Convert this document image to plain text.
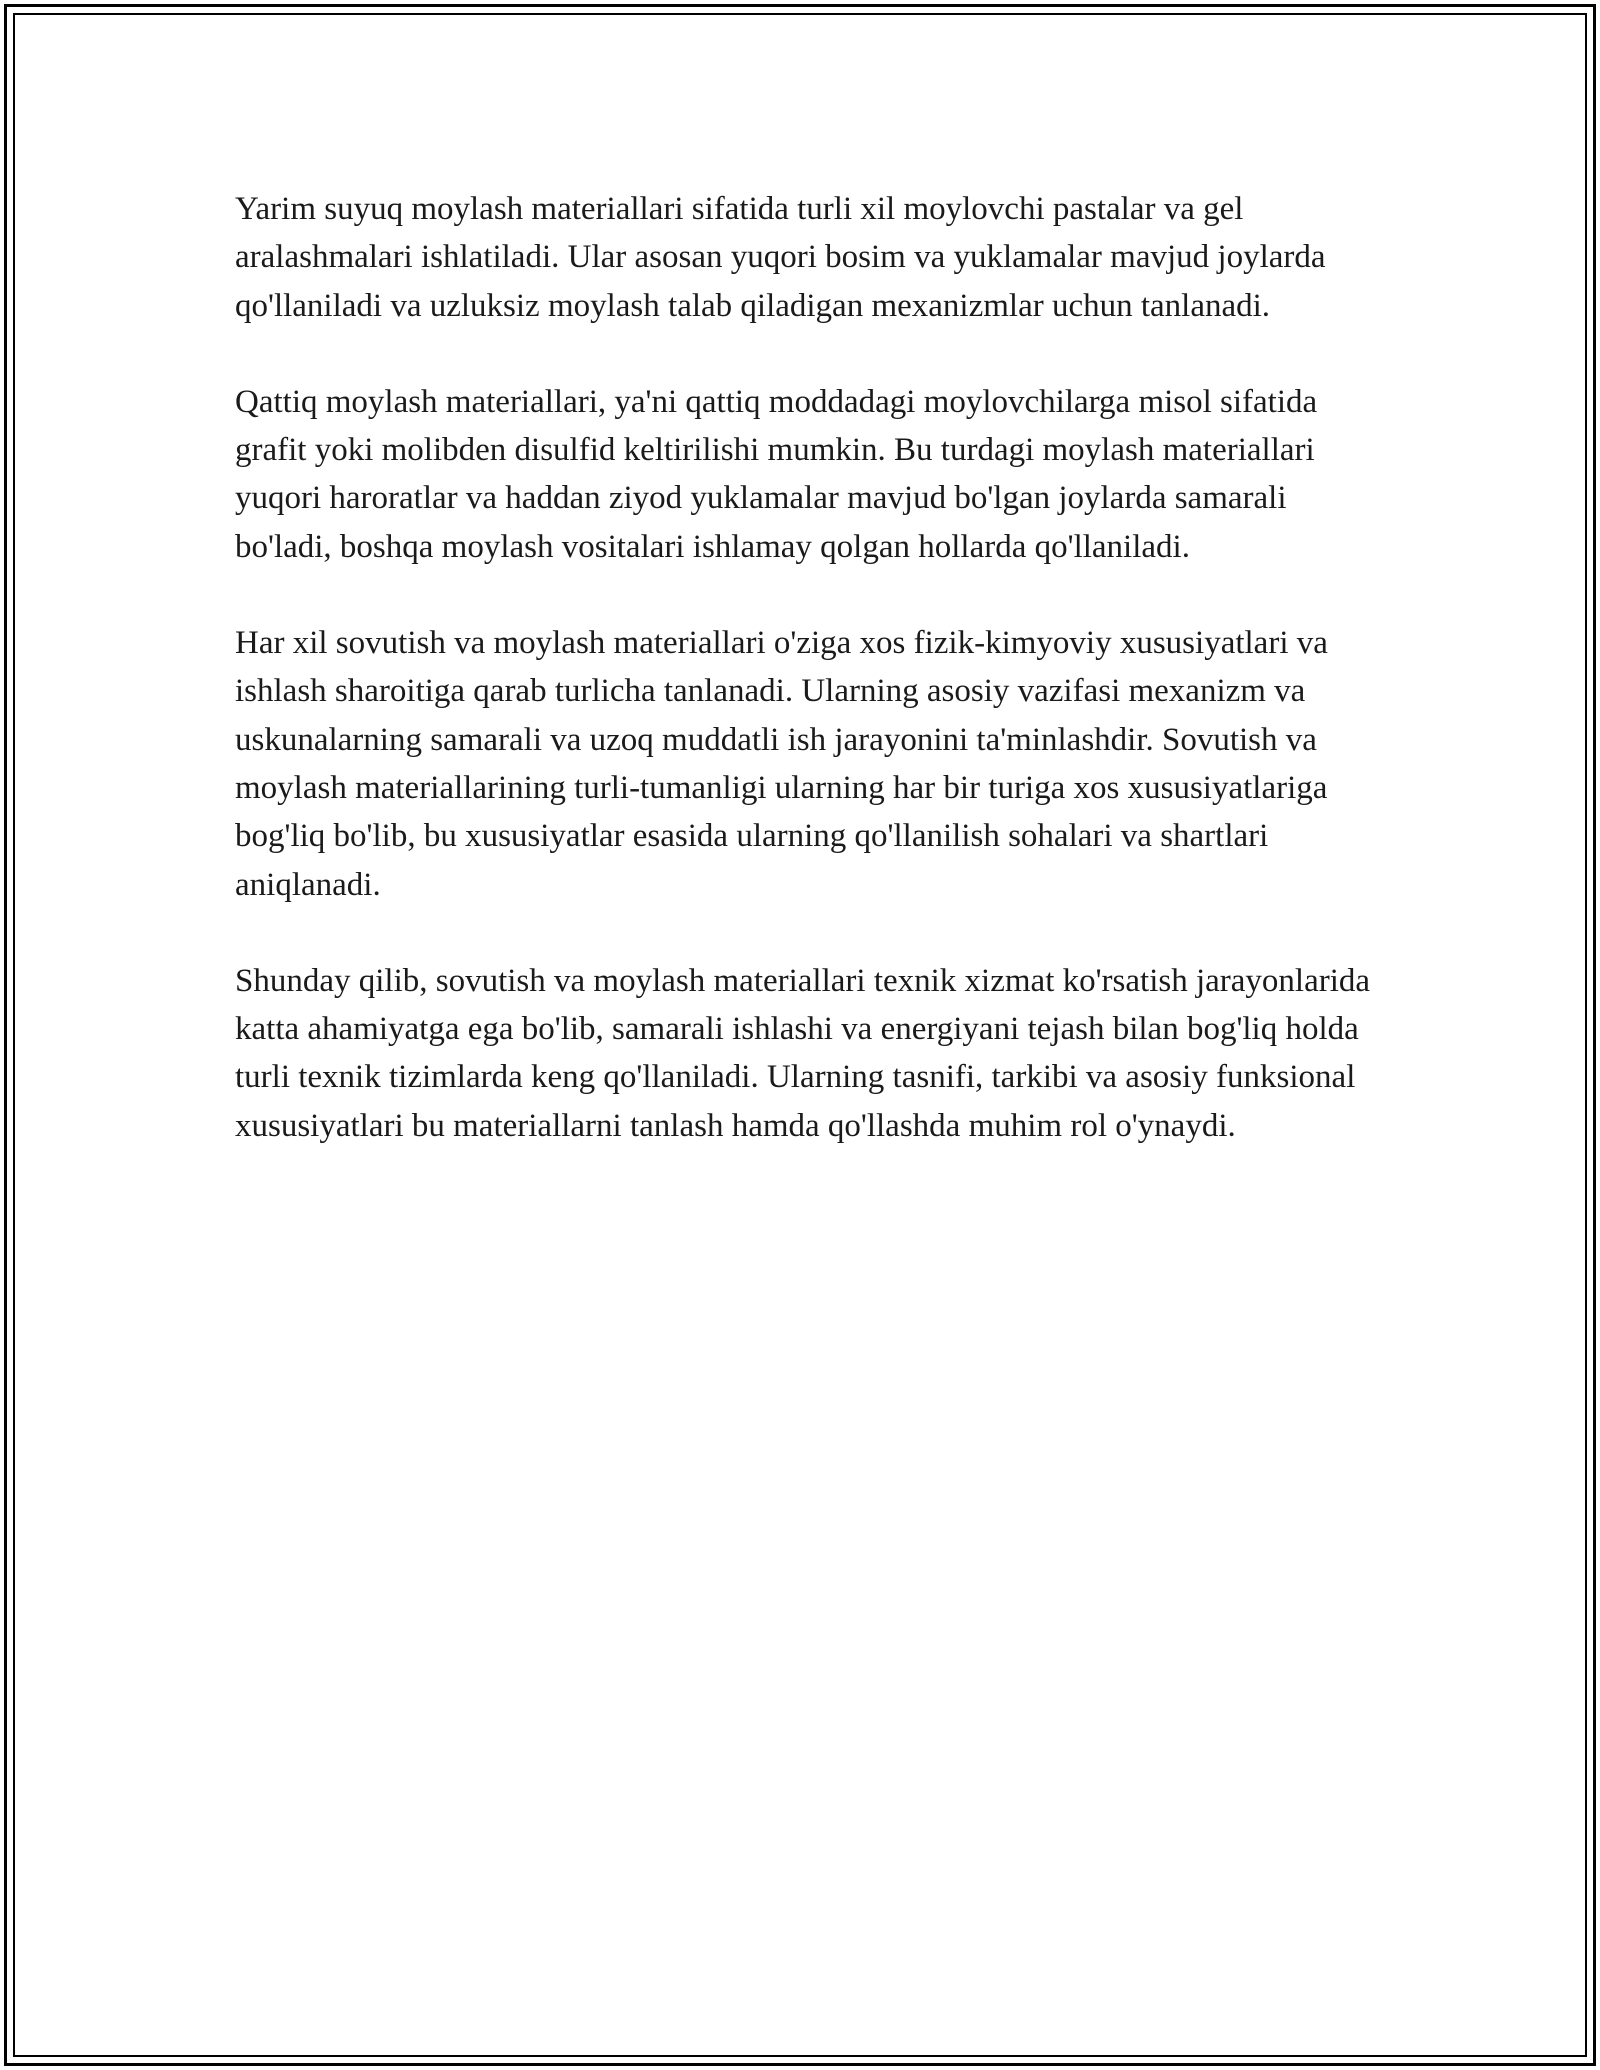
Yarim suyuq moylash materiallari sifatida turli xil moylovchi pastalar va gel aralashmalari ishlatiladi. Ular asosan yuqori bosim va yuklamalar mavjud joylarda qo'llaniladi va uzluksiz moylash talab qiladigan mexanizmlar uchun tanlanadi.

Qattiq moylash materiallari, ya'ni qattiq moddadagi moylovchilarga misol sifatida grafit yoki molibden disulfid keltirilishi mumkin. Bu turdagi moylash materiallari yuqori haroratlar va haddan ziyod yuklamalar mavjud bo'lgan joylarda samarali bo'ladi, boshqa moylash vositalari ishlamay qolgan hollarda qo'llaniladi.

Har xil sovutish va moylash materiallari o'ziga xos fizik-kimyoviy xususiyatlari va ishlash sharoitiga qarab turlicha tanlanadi. Ularning asosiy vazifasi mexanizm va uskunalarning samarali va uzoq muddatli ish jarayonini ta'minlashdir. Sovutish va moylash materiallarining turli-tumanligi ularning har bir turiga xos xususiyatlariga bog'liq bo'lib, bu xususiyatlar esasida ularning qo'llanilish sohalari va shartlari aniqlanadi.

Shunday qilib, sovutish va moylash materiallari texnik xizmat ko'rsatish jarayonlarida katta ahamiyatga ega bo'lib, samarali ishlashi va energiyani tejash bilan bog'liq holda turli texnik tizimlarda keng qo'llaniladi. Ularning tasnifi, tarkibi va asosiy funksional xususiyatlari bu materiallarni tanlash hamda qo'llashda muhim rol o'ynaydi.
